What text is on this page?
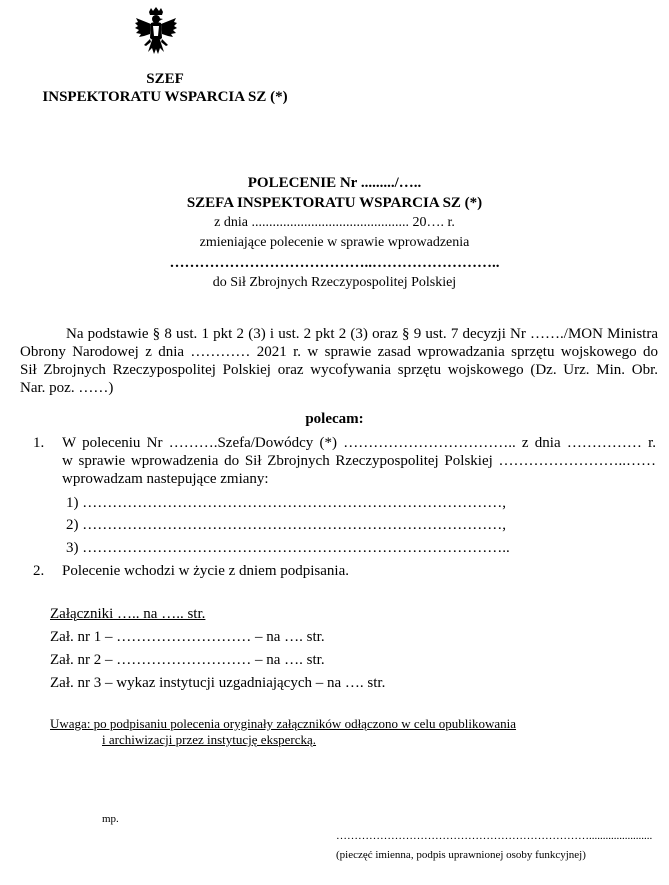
SZEF
INSPEKTORATU WSPARCIA SZ (*)
POLECENIE Nr ........./…..
SZEFA INSPEKTORATU WSPARCIA SZ (*)
z dnia ............................................. 20…. r.
zmieniające polecenie w sprawie wprowadzenia
…………………………………..……………………..
do Sił Zbrojnych Rzeczypospolitej Polskiej
Na podstawie § 8 ust. 1 pkt 2 (3) i ust. 2 pkt 2 (3) oraz § 9 ust. 7 decyzji Nr ……./MON Ministra
Obrony Narodowej z dnia ………… 2021 r. w sprawie zasad wprowadzania sprzętu wojskowego do
Sił Zbrojnych Rzeczypospolitej Polskiej oraz wycofywania sprzętu wojskowego (Dz. Urz. Min. Obr.
Nar. poz. ……)
polecam:
1. W poleceniu Nr ……….Szefa/Dowódcy (*) …………………………….. z dnia …………… r.
w sprawie wprowadzenia do Sił Zbrojnych Rzeczypospolitej Polskiej ……………………..……
wprowadzam nastepujące zmiany:
1) …………………………………………………………………………,
2) …………………………………………………………………………,
3) …………………………………………………………………………..
2. Polecenie wchodzi w życie z dniem podpisania.
Załączniki ….. na ….. str.
Zał. nr 1 – ……………………… – na …. str.
Zał. nr 2 – ……………………… – na …. str.
Zał. nr 3 – wykaz instytucji uzgadniających – na …. str.
Uwaga: po podpisaniu polecenia oryginały załączników odłączono w celu opublikowania
i archiwizacji przez instytucję ekspercką.
mp.
…………………………………………………………….......................
(pieczęć imienna, podpis uprawnionej osoby funkcyjnej)
